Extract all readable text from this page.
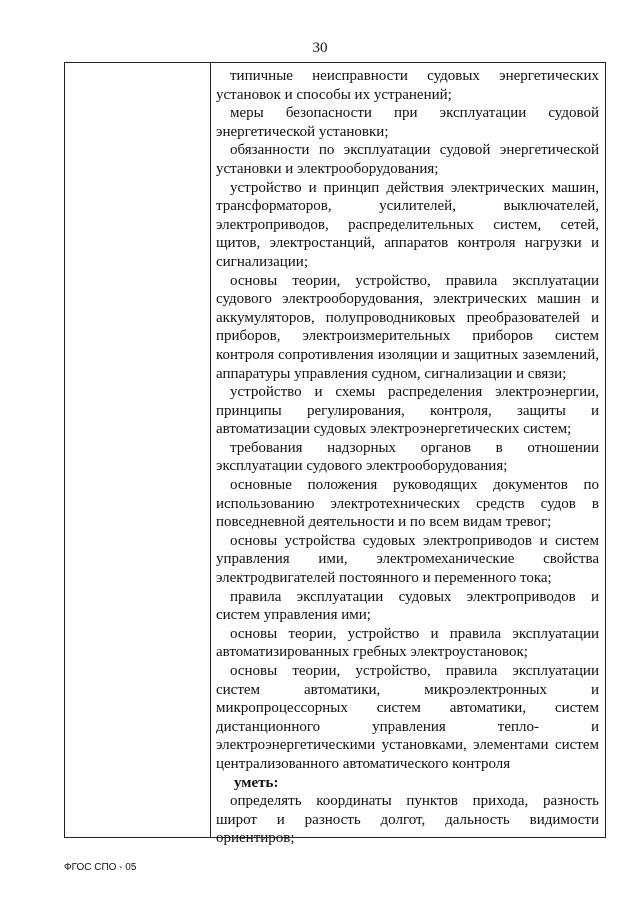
30
типичные неисправности судовых энергетических установок и способы их устранений;
меры безопасности при эксплуатации судовой энергетической установки;
обязанности по эксплуатации судовой энергетической установки и электрооборудования;
устройство и принцип действия электрических машин, трансформаторов, усилителей, выключателей, электроприводов, распределительных систем, сетей, щитов, электростанций, аппаратов контроля нагрузки и сигнализации;
основы теории, устройство, правила эксплуатации судового электрооборудования, электрических машин и аккумуляторов, полупроводниковых преобразователей и приборов, электроизмерительных приборов систем контроля сопротивления изоляции и защитных заземлений, аппаратуры управления судном, сигнализации и связи;
устройство и схемы распределения электроэнергии, принципы регулирования, контроля, защиты и автоматизации судовых электроэнергетических систем;
требования надзорных органов в отношении эксплуатации судового электрооборудования;
основные положения руководящих документов по использованию электротехнических средств судов в повседневной деятельности и по всем видам тревог;
основы устройства судовых электроприводов и систем управления ими, электромеханические свойства электродвигателей постоянного и переменного тока;
правила эксплуатации судовых электроприводов и систем управления ими;
основы теории, устройство и правила эксплуатации автоматизированных гребных электроустановок;
основы теории, устройство, правила эксплуатации систем автоматики, микроэлектронных и микропроцессорных систем автоматики, систем дистанционного управления тепло- и электроэнергетическими установками, элементами систем централизованного автоматического контроля
уметь:
определять координаты пунктов прихода, разность широт и разность долгот, дальность видимости ориентиров;
ФГОС СПО - 05
